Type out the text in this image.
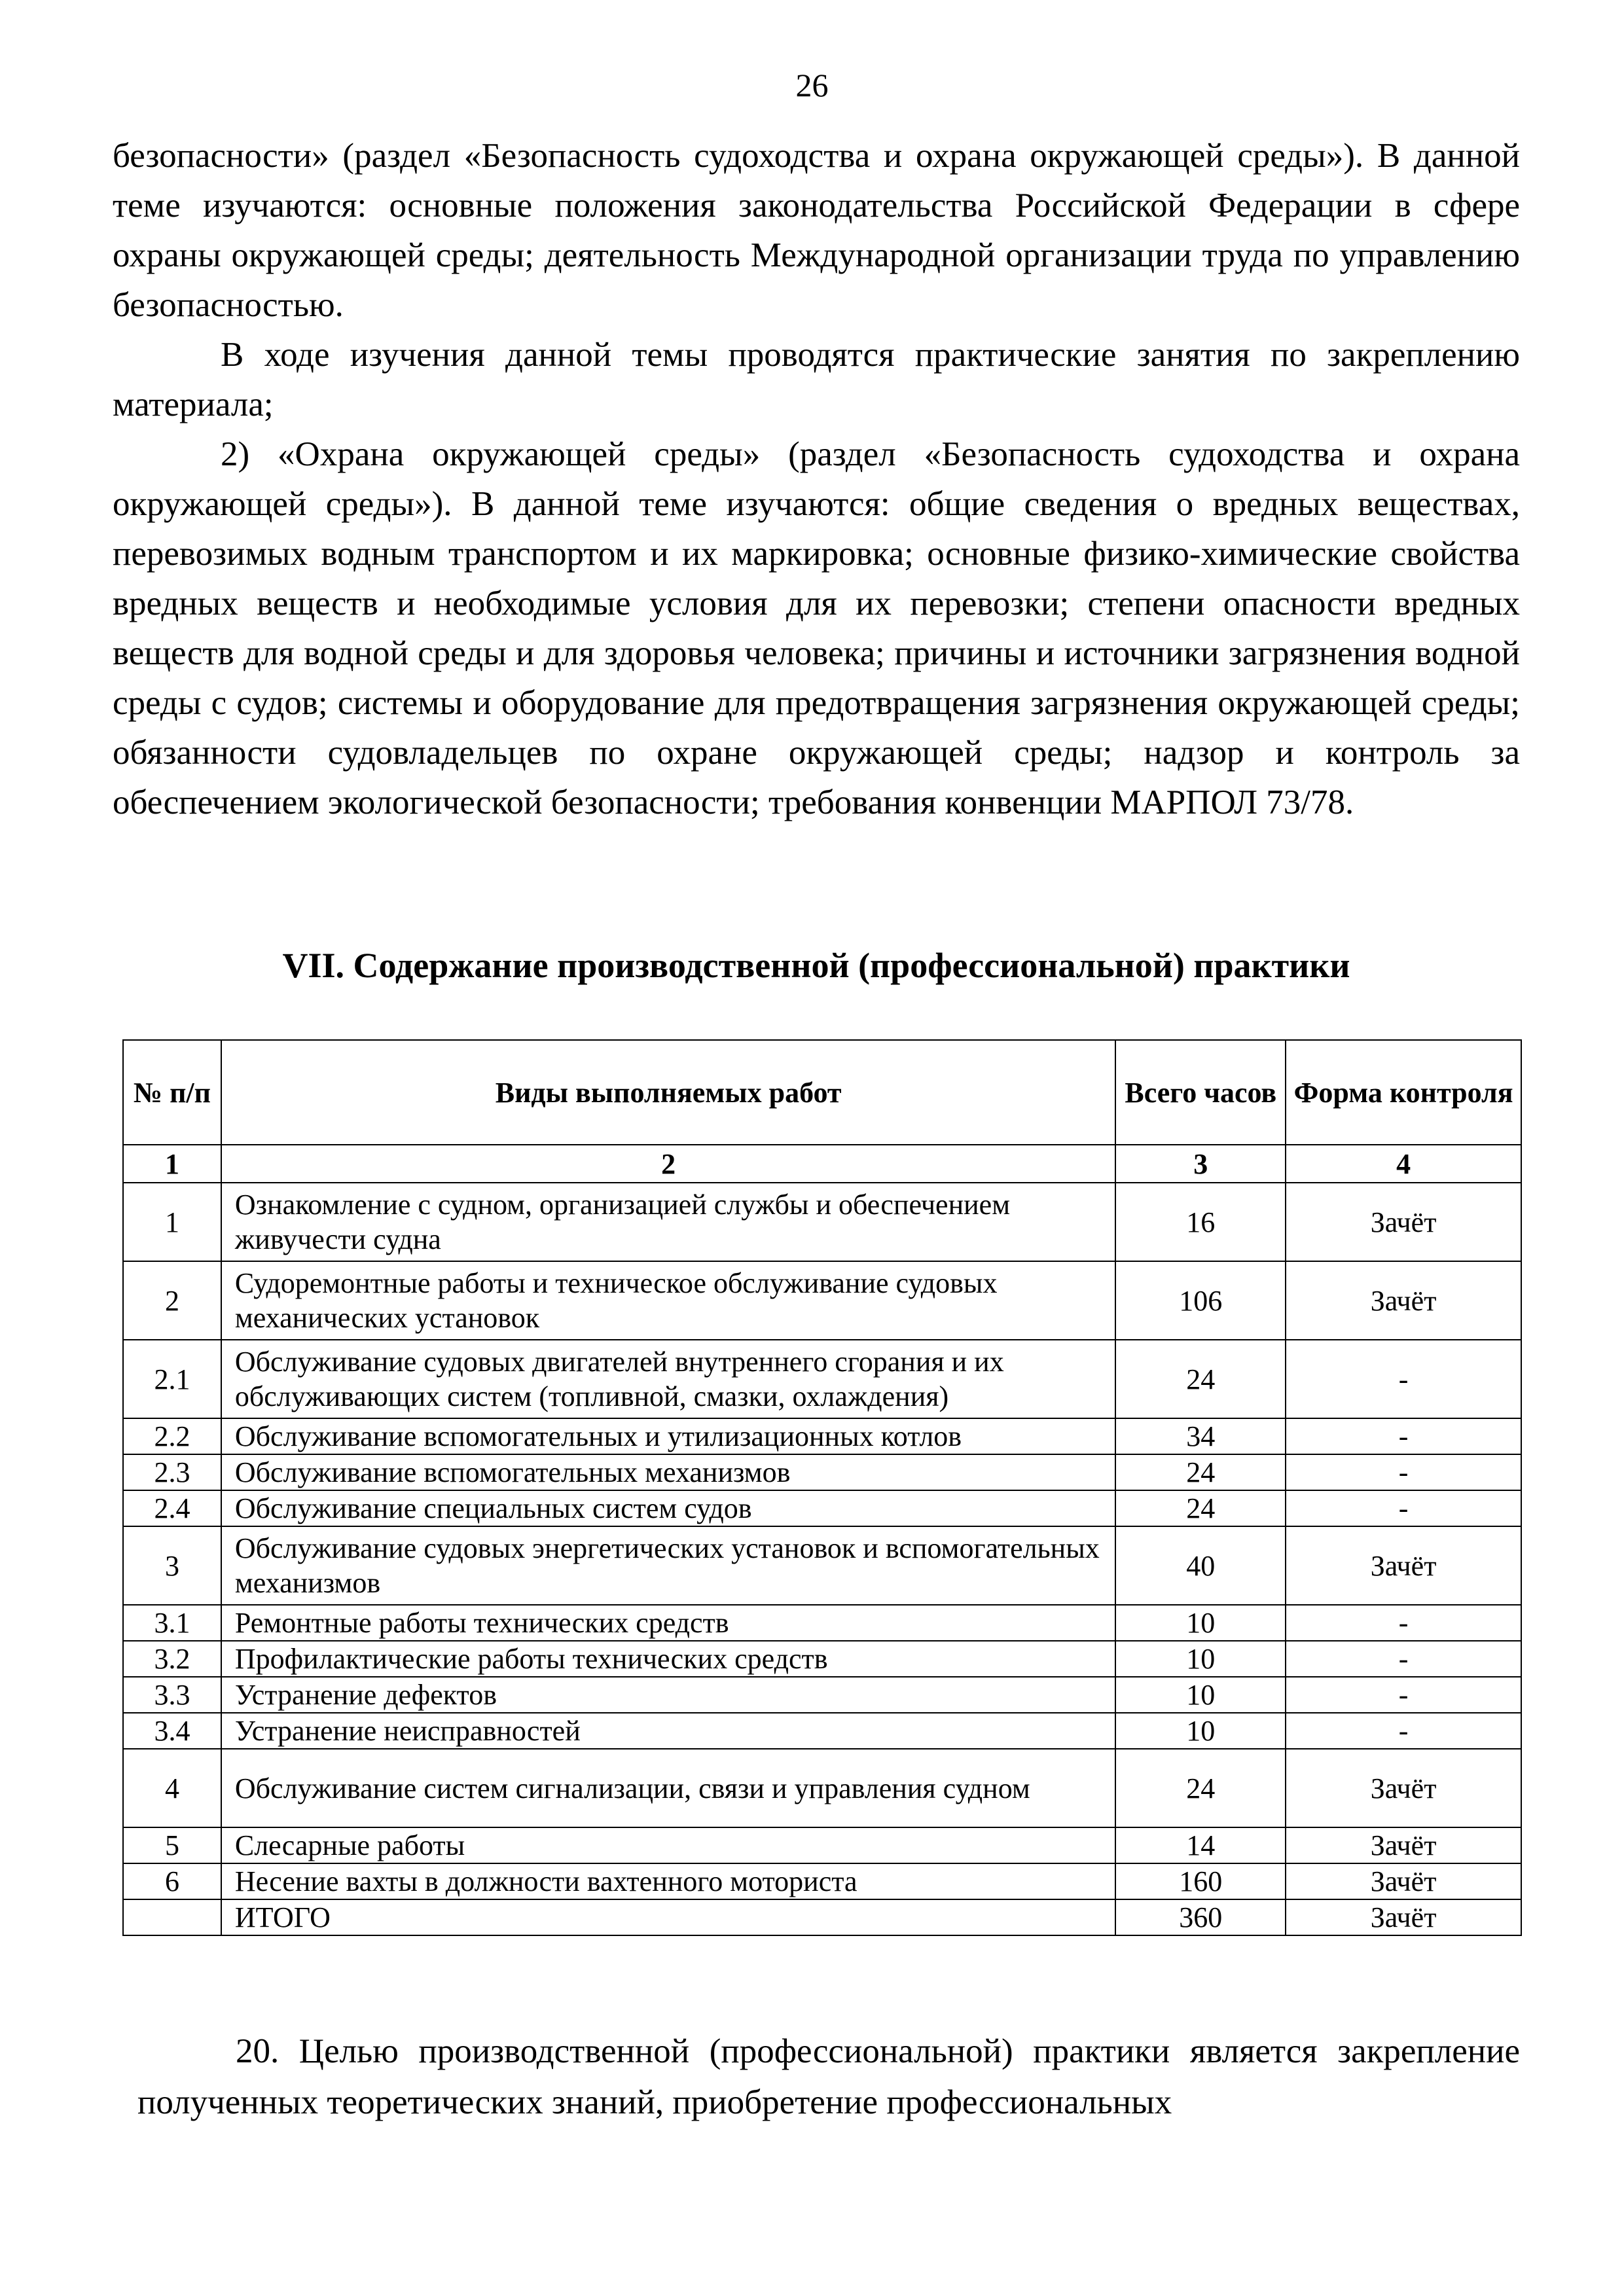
26

безопасности» (раздел «Безопасность судоходства и охрана окружающей среды»). В данной теме изучаются: основные положения законодательства Российской Федерации в сфере охраны окружающей среды; деятельность Международной организации труда по управлению безопасностью.

В ходе изучения данной темы проводятся практические занятия по закреплению материала;

2) «Охрана окружающей среды» (раздел «Безопасность судоходства и охрана окружающей среды»). В данной теме изучаются: общие сведения о вредных веществах, перевозимых водным транспортом и их маркировка; основные физико-химические свойства вредных веществ и необходимые условия для их перевозки; степени опасности вредных веществ для водной среды и для здоровья человека; причины и источники загрязнения водной среды с судов; системы и оборудование для предотвращения загрязнения окружающей среды; обязанности судовладельцев по охране окружающей среды; надзор и контроль за обеспечением экологической безопасности; требования конвенции МАРПОЛ 73/78.

VII. Содержание производственной (профессиональной) практики
№ п/п	Виды выполняемых работ	Всего часов	Форма контроля
1	2	3	4
1	Ознакомление с судном, организацией службы и обеспечением живучести судна	16	Зачёт
2	Судоремонтные работы и техническое обслуживание судовых механических установок	106	Зачёт
2.1	Обслуживание судовых двигателей внутреннего сгорания и их обслуживающих систем (топливной, смазки, охлаждения)	24	-
2.2	Обслуживание вспомогательных и утилизационных котлов	34	-
2.3	Обслуживание вспомогательных механизмов	24	-
2.4	Обслуживание специальных систем судов	24	-
3	Обслуживание судовых энергетических установок и вспомогательных механизмов	40	Зачёт
3.1	Ремонтные работы технических средств	10	-
3.2	Профилактические работы технических средств	10	-
3.3	Устранение дефектов	10	-
3.4	Устранение неисправностей	10	-
4	Обслуживание систем сигнализации, связи и управления судном	24	Зачёт
5	Слесарные работы	14	Зачёт
6	Несение вахты в должности вахтенного моториста	160	Зачёт
	ИТОГО	360	Зачёт

20. Целью производственной (профессиональной) практики является закрепление полученных теоретических знаний, приобретение профессиональных
